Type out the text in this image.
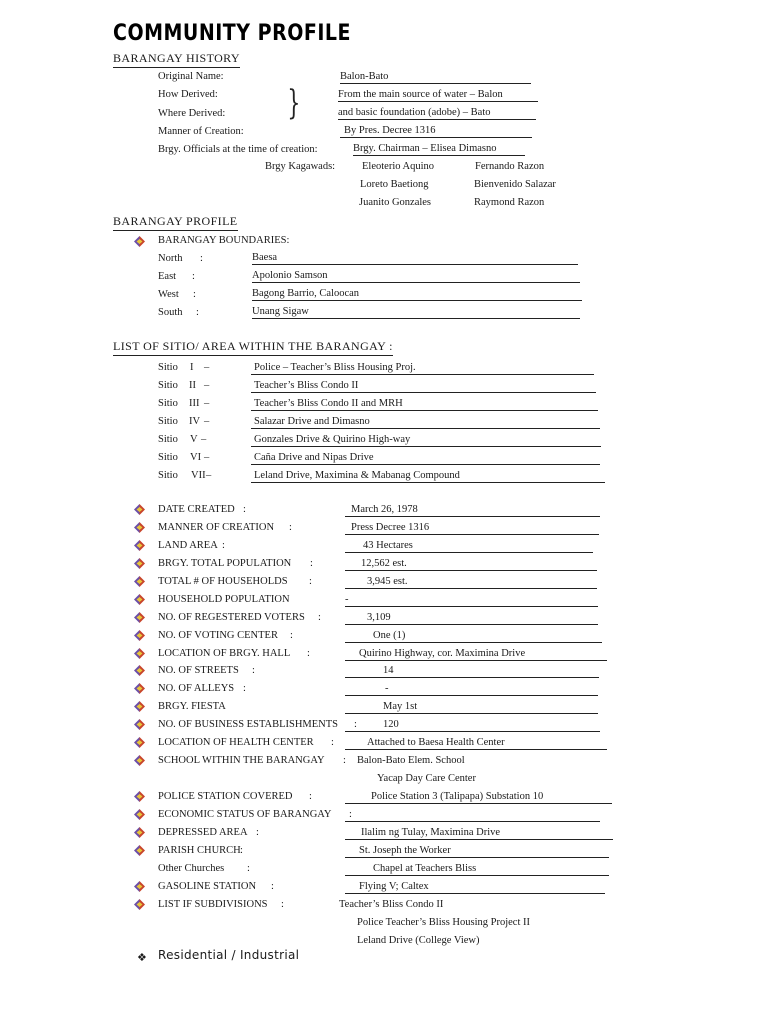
COMMUNITY PROFILE
BARANGAY HISTORY
Original Name:	Balon-Bato
How Derived:	From the main source of water – Balon
Where Derived:	and basic foundation (adobe) – Bato
}
Manner of Creation:	By Pres. Decree 1316
Brgy. Officials at the time of creation:	Brgy. Chairman – Elisea Dimasno
Brgy Kagawads:	Eleoterio Aquino	Fernando Razon
Loreto Baetiong	Bienvenido Salazar
Juanito Gonzales	Raymond Razon
BARANGAY PROFILE
BARANGAY BOUNDARIES:
North :	Baesa
East :	Apolonio Samson
West :	Bagong Barrio, Caloocan
South :	Unang Sigaw
LIST OF SITIO/ AREA WITHIN THE BARANGAY :
Sitio I –	Police – Teacher’s Bliss Housing Proj.
Sitio II –	Teacher’s Bliss Condo II
Sitio III –	Teacher’s Bliss Condo II and MRH
Sitio IV –	Salazar Drive and Dimasno
Sitio V –	Gonzales Drive & Quirino High-way
Sitio VI –	Caña Drive and Nipas Drive
Sitio VII –	Leland Drive, Maximina & Mabanag Compound
DATE CREATED :	March 26, 1978
MANNER OF CREATION :	Press Decree 1316
LAND AREA :	43 Hectares
BRGY. TOTAL POPULATION :	12,562 est.
TOTAL # OF HOUSEHOLDS :	3,945 est.
HOUSEHOLD POPULATION	-
NO. OF REGESTERED VOTERS :	3,109
NO. OF VOTING CENTER :	One (1)
LOCATION OF BRGY. HALL :	Quirino Highway, cor. Maximina Drive
NO. OF STREETS :	14
NO. OF ALLEYS :	-
BRGY. FIESTA	May 1st
NO. OF BUSINESS ESTABLISHMENTS :	120
LOCATION OF HEALTH CENTER :	Attached to Baesa Health Center
SCHOOL WITHIN THE BARANGAY : Balon-Bato Elem. School
Yacap Day Care Center
POLICE STATION COVERED :	Police Station 3 (Talipapa) Substation 10
ECONOMIC STATUS OF BARANGAY :
DEPRESSED AREA :	Ilalim ng Tulay, Maximina Drive
PARISH CHURCH :	St. Joseph the Worker
Other Churches :	Chapel at Teachers Bliss
GASOLINE STATION :	Flying V; Caltex
LIST IF SUBDIVISIONS :	Teacher’s Bliss Condo II
Police Teacher’s Bliss Housing Project II
Leland Drive (College View)
❖ Residential / Industrial
